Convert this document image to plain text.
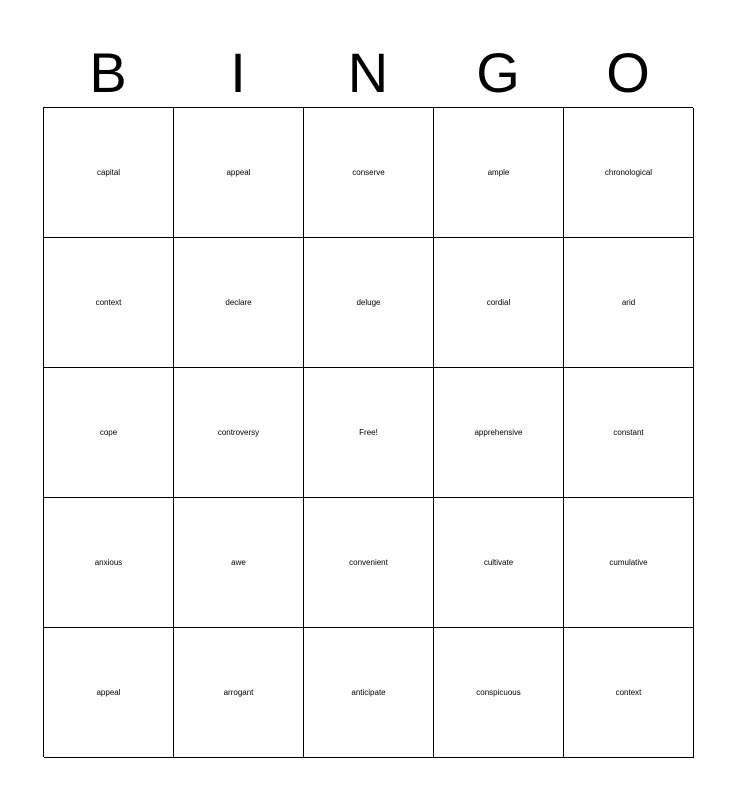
B	I	N	G	O
capital	appeal	conserve	ample	chronological
context	declare	deluge	cordial	arid
cope	controversy	Free!	apprehensive	constant
anxious	awe	convenient	cultivate	cumulative
appeal	arrogant	anticipate	conspicuous	context
